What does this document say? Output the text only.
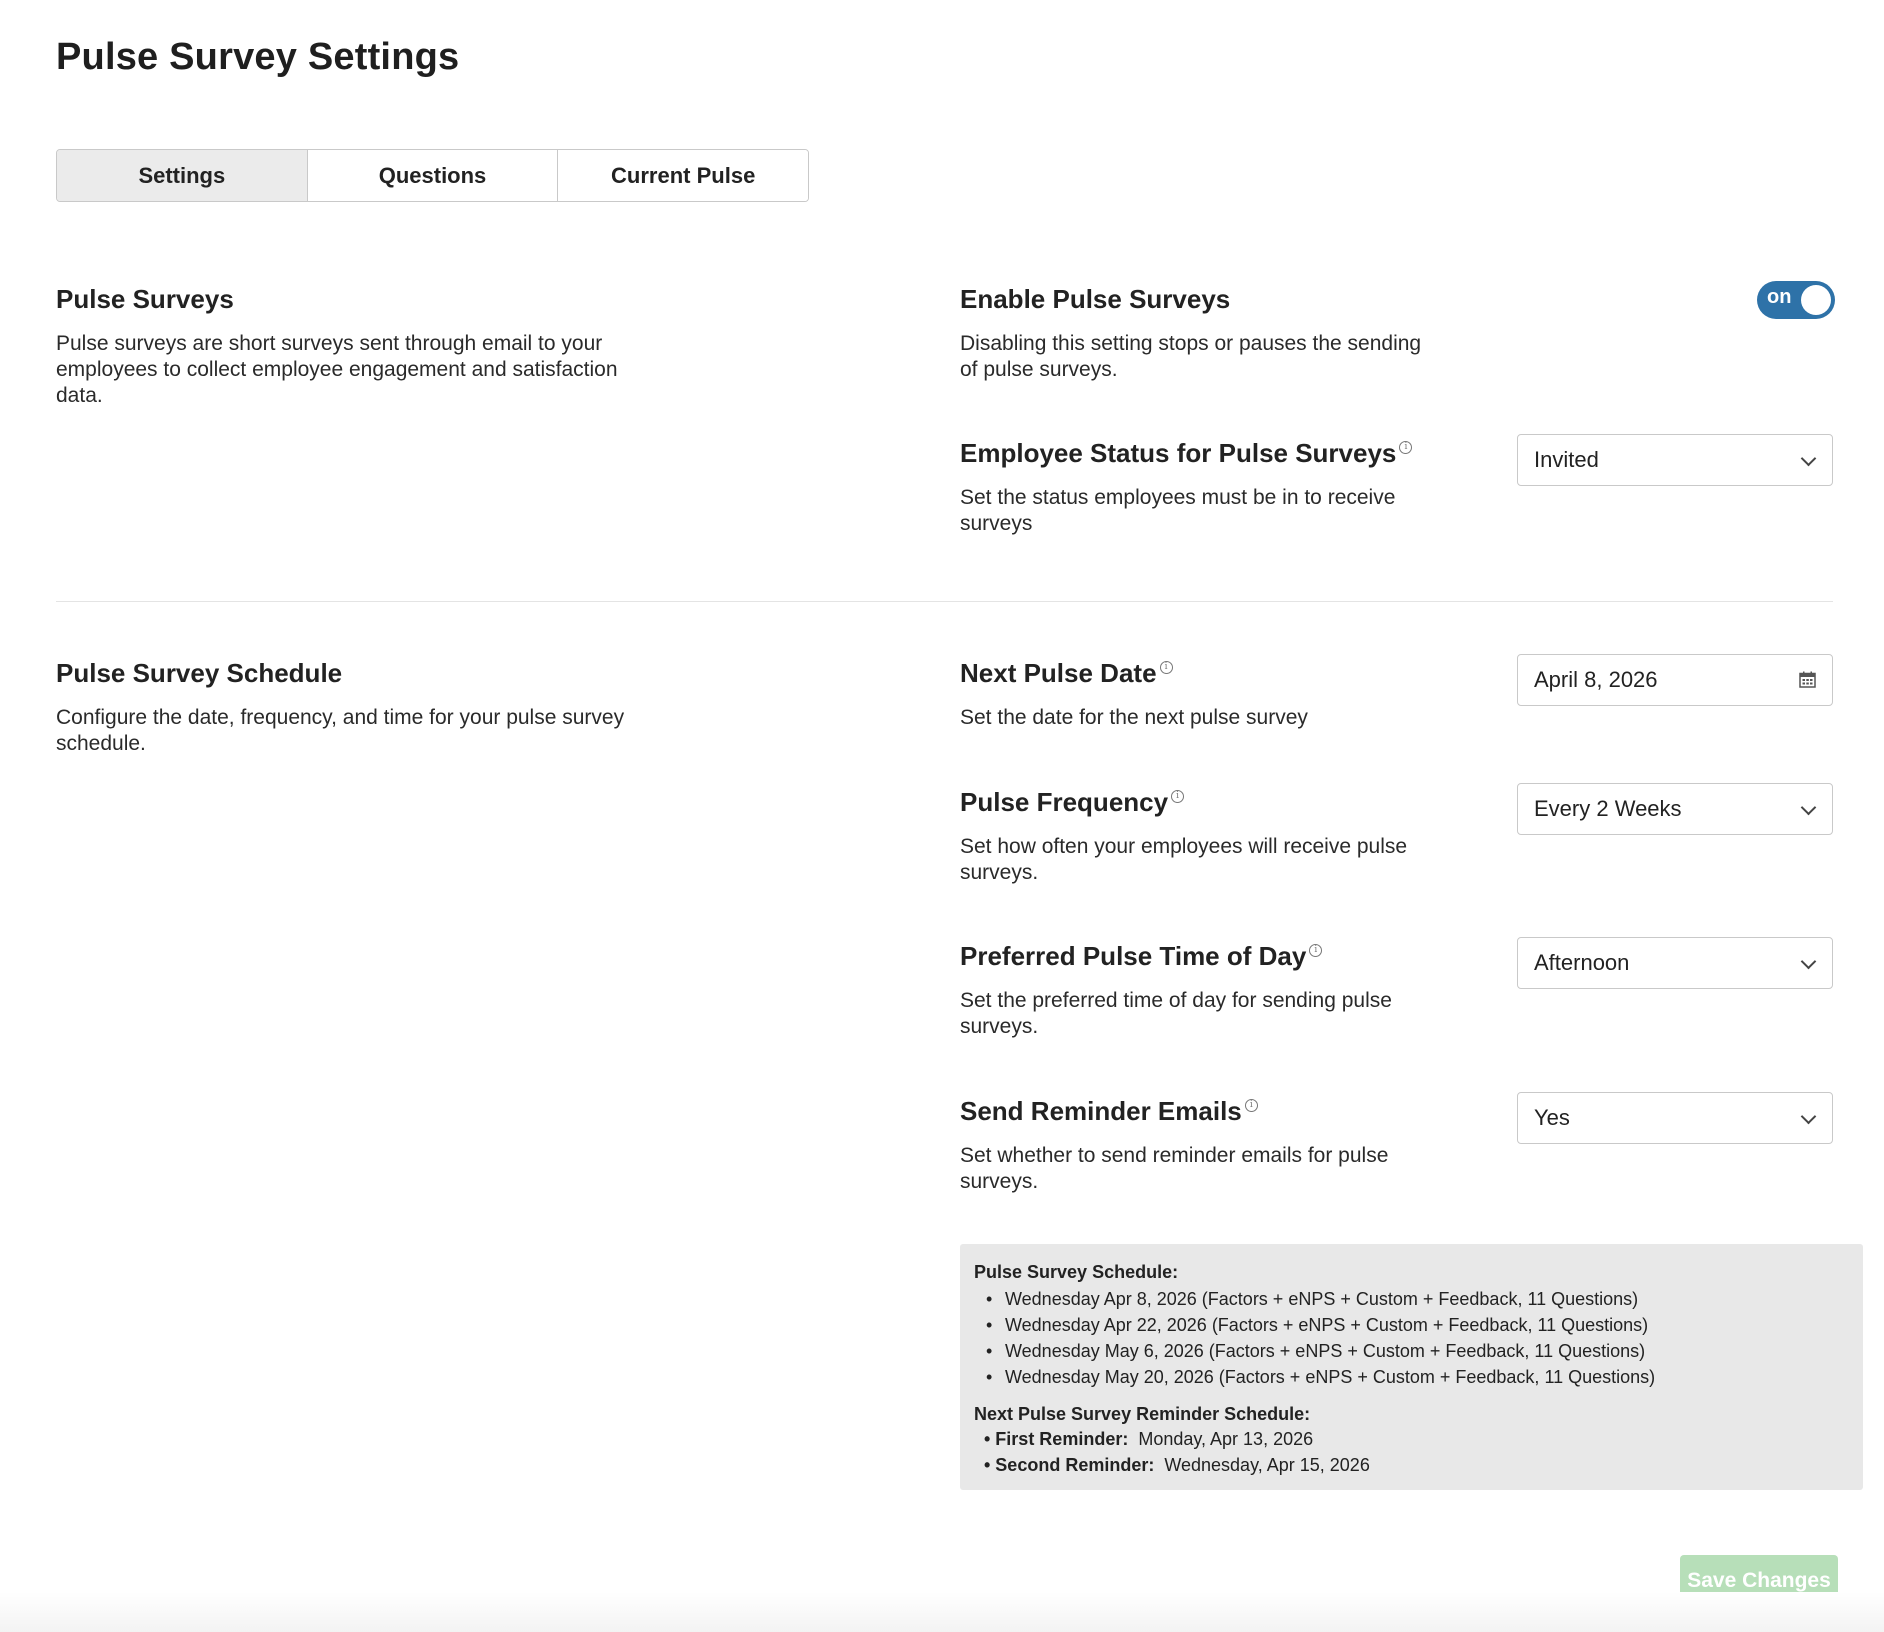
Pulse Survey Settings
Settings	Questions	Current Pulse
Pulse Surveys
Pulse surveys are short surveys sent through email to your employees to collect employee engagement and satisfaction data.
Enable Pulse Surveys
Disabling this setting stops or pauses the sending of pulse surveys.
on
Employee Status for Pulse Surveys i
Set the status employees must be in to receive surveys
Invited
Pulse Survey Schedule
Configure the date, frequency, and time for your pulse survey schedule.
Next Pulse Date i
Set the date for the next pulse survey
April 8, 2026
Pulse Frequency i
Set how often your employees will receive pulse surveys.
Every 2 Weeks
Preferred Pulse Time of Day i
Set the preferred time of day for sending pulse surveys.
Afternoon
Send Reminder Emails i
Set whether to send reminder emails for pulse surveys.
Yes
Pulse Survey Schedule:
• Wednesday Apr 8, 2026 (Factors + eNPS + Custom + Feedback, 11 Questions)
• Wednesday Apr 22, 2026 (Factors + eNPS + Custom + Feedback, 11 Questions)
• Wednesday May 6, 2026 (Factors + eNPS + Custom + Feedback, 11 Questions)
• Wednesday May 20, 2026 (Factors + eNPS + Custom + Feedback, 11 Questions)
Next Pulse Survey Reminder Schedule:
• First Reminder: Monday, Apr 13, 2026
• Second Reminder: Wednesday, Apr 15, 2026
Save Changes
